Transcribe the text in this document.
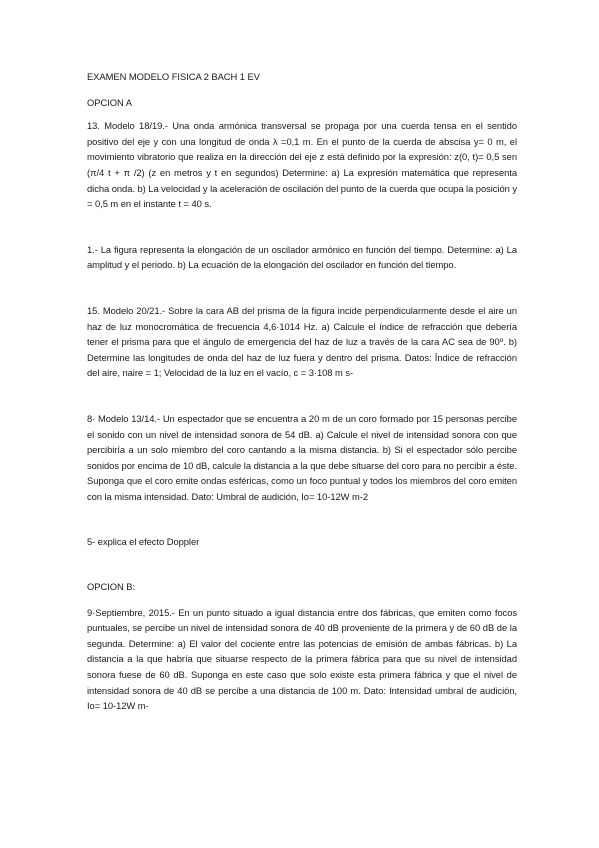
EXAMEN MODELO FISICA 2 BACH 1 EV

OPCION A

13. Modelo 18/19.- Una onda armónica transversal se propaga por una cuerda tensa en el sentido positivo del eje y con una longitud de onda λ =0,1 m. En el punto de la cuerda de abscisa y= 0 m, el movimiento vibratorio que realiza en la dirección del eje z está definido por la expresión: z(0, t)= 0,5 sen (π/4 t + π /2) (z en metros y t en segundos) Determine: a) La expresión matemática que representa dicha onda. b) La velocidad y la aceleración de oscilación del punto de la cuerda que ocupa la posición y = 0,5 m en el instante t = 40 s.

1.- La figura representa la elongación de un oscilador armónico en función del tiempo. Determine: a) La amplitud y el periodo. b) La ecuación de la elongación del oscilador en función del tiempo.

15. Modelo 20/21.- Sobre la cara AB del prisma de la figura incide perpendicularmente desde el aire un haz de luz monocromática de frecuencia 4,6·1014 Hz. a) Calcule el índice de refracción que debería tener el prisma para que el ángulo de emergencia del haz de luz a través de la cara AC sea de 90º. b) Determine las longitudes de onda del haz de luz fuera y dentro del prisma. Datos: Índice de refracción del aire, naire = 1; Velocidad de la luz en el vacío, c = 3·108 m s-

8· Modelo 13/14.- Un espectador que se encuentra a 20 m de un coro formado por 15 personas percibe el sonido con un nivel de intensidad sonora de 54 dB. a) Calcule el nivel de intensidad sonora con que percibiría a un solo miembro del coro cantando a la misma distancia. b) Si el espectador sólo percibe sonidos por encima de 10 dB, calcule la distancia a la que debe situarse del coro para no percibir a éste. Suponga que el coro emite ondas esféricas, como un foco puntual y todos los miembros del coro emiten con la misma intensidad. Dato: Umbral de audición, Io= 10-12W m-2

5- explica el efecto Doppler

OPCION B:

9·Septiembre, 2015.- En un punto situado a igual distancia entre dos fábricas, que emiten como focos puntuales, se percibe un nivel de intensidad sonora de 40 dB proveniente de la primera y de 60 dB de la segunda. Determine: a) El valor del cociente entre las potencias de emisión de ambas fábricas. b) La distancia a la que habría que situarse respecto de la primera fábrica para que su nivel de intensidad sonora fuese de 60 dB. Suponga en este caso que solo existe esta primera fábrica y que el nivel de intensidad sonora de 40 dB se percibe a una distancia de 100 m. Dato: Intensidad umbral de audición, Io= 10-12W m-
